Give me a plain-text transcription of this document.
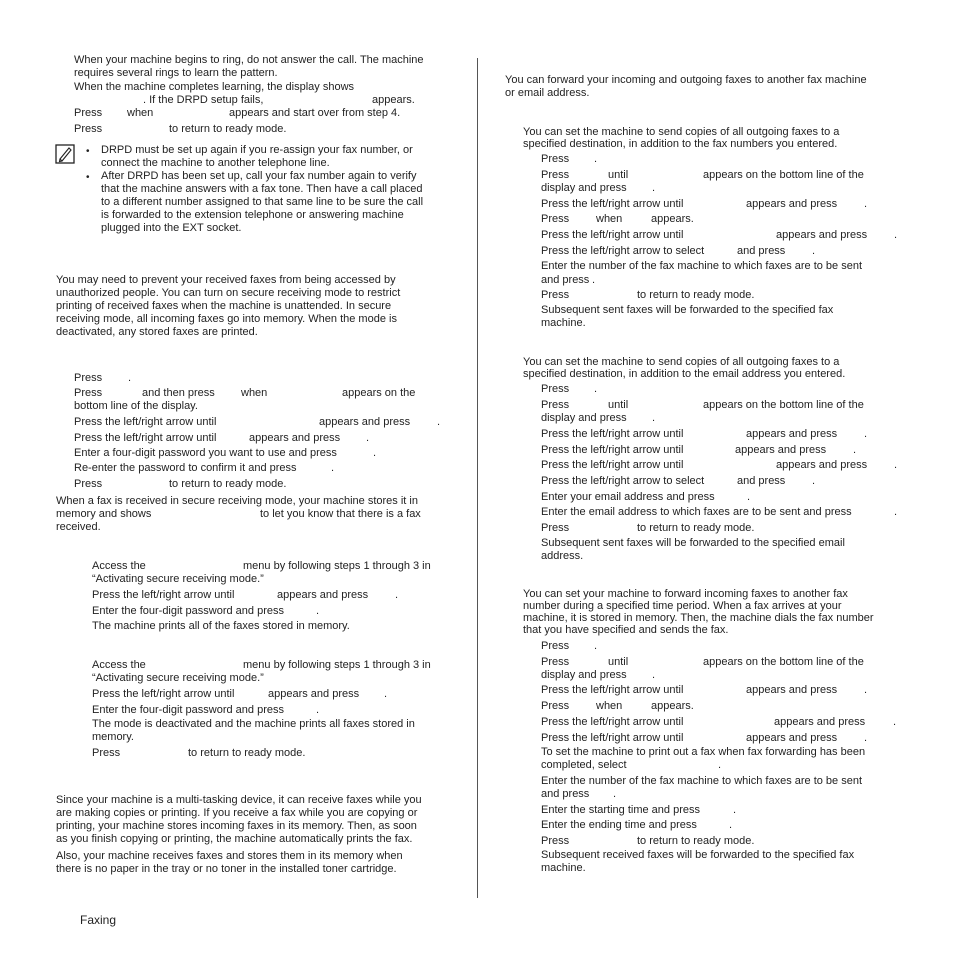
When your machine begins to ring, do not answer the call. The machine
requires several rings to learn the pattern.
When the machine completes learning, the display shows
. If the DRPD setup fails,	appears.
Press when	appears and start over from step 4.
Press	to return to ready mode.
• DRPD must be set up again if you re-assign your fax number, or
connect the machine to another telephone line.
• After DRPD has been set up, call your fax number again to verify
that the machine answers with a fax tone. Then have a call placed
to a different number assigned to that same line to be sure the call
is forwarded to the extension telephone or answering machine
plugged into the EXT socket.
You may need to prevent your received faxes from being accessed by
unauthorized people. You can turn on secure receiving mode to restrict
printing of received faxes when the machine is unattended. In secure
receiving mode, all incoming faxes go into memory. When the mode is
deactivated, any stored faxes are printed.
Press .
Press	and then press when	appears on the
bottom line of the display.
Press the left/right arrow until	appears and press .
Press the left/right arrow until	appears and press .
Enter a four-digit password you want to use and press	.
Re-enter the password to confirm it and press	.
Press	to return to ready mode.
When a fax is received in secure receiving mode, your machine stores it in
memory and shows	to let you know that there is a fax
received.
Access the	menu by following steps 1 through 3 in
“Activating secure receiving mode.”
Press the left/right arrow until	appears and press .
Enter the four-digit password and press	.
The machine prints all of the faxes stored in memory.
Access the	menu by following steps 1 through 3 in
“Activating secure receiving mode.”
Press the left/right arrow until	appears and press .
Enter the four-digit password and press	.
The mode is deactivated and the machine prints all faxes stored in
memory.
Press	to return to ready mode.
Since your machine is a multi-tasking device, it can receive faxes while you
are making copies or printing. If you receive a fax while you are copying or
printing, your machine stores incoming faxes in its memory. Then, as soon
as you finish copying or printing, the machine automatically prints the fax.
Also, your machine receives faxes and stores them in its memory when
there is no paper in the tray or no toner in the installed toner cartridge.
You can forward your incoming and outgoing faxes to another fax machine
or email address.
You can set the machine to send copies of all outgoing faxes to a
specified destination, in addition to the fax numbers you entered.
Press .
Press	until	appears on the bottom line of the
display and press .
Press the left/right arrow until	appears and press .
Press when	appears.
Press the left/right arrow until	appears and press .
Press the left/right arrow to select	and press .
Enter the number of the fax machine to which faxes are to be sent
and press .
Press	to return to ready mode.
Subsequent sent faxes will be forwarded to the specified fax
machine.
You can set the machine to send copies of all outgoing faxes to a
specified destination, in addition to the email address you entered.
Press .
Press	until	appears on the bottom line of the
display and press .
Press the left/right arrow until	appears and press .
Press the left/right arrow until	appears and press .
Press the left/right arrow until	appears and press .
Press the left/right arrow to select	and press .
Enter your email address and press	.
Enter the email address to which faxes are to be sent and press	.
Press	to return to ready mode.
Subsequent sent faxes will be forwarded to the specified email
address.
You can set your machine to forward incoming faxes to another fax
number during a specified time period. When a fax arrives at your
machine, it is stored in memory. Then, the machine dials the fax number
that you have specified and sends the fax.
Press .
Press	until	appears on the bottom line of the
display and press .
Press the left/right arrow until	appears and press .
Press when	appears.
Press the left/right arrow until	appears and press	.
Press the left/right arrow until	appears and press .
To set the machine to print out a fax when fax forwarding has been
completed, select	.
Enter the number of the fax machine to which faxes are to be sent
and press .
Enter the starting time and press	.
Enter the ending time and press	.
Press	to return to ready mode.
Subsequent received faxes will be forwarded to the specified fax
machine.
Faxing
